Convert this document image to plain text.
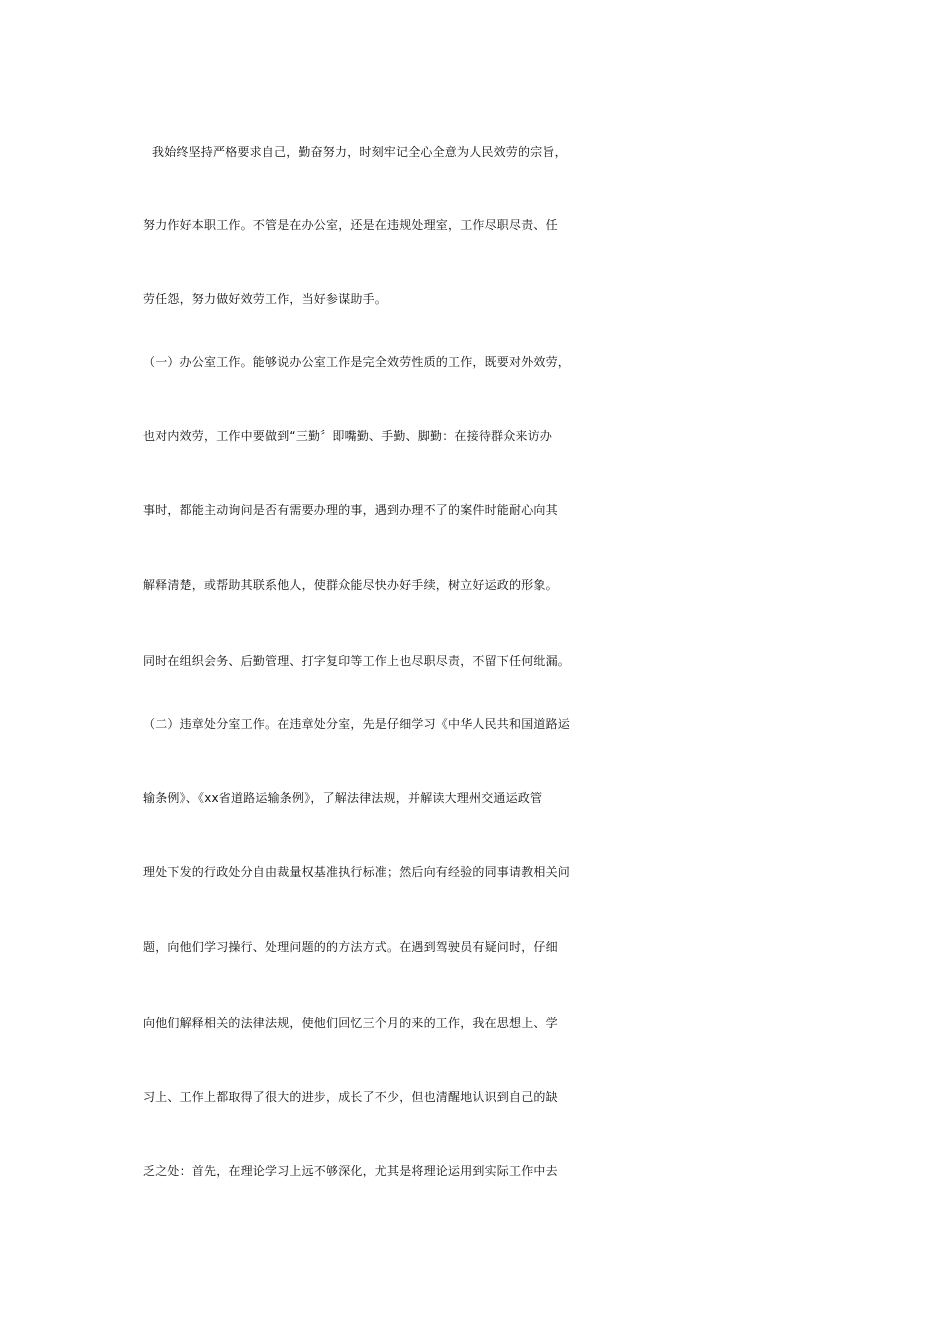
我始终坚持严格要求自己，勤奋努力，时刻牢记全心全意为人民效劳的宗旨，
努力作好本职工作。不管是在办公室，还是在违规处理室，工作尽职尽责、任
劳任怨，努力做好效劳工作，当好参谋助手。
（一）办公室工作。能够说办公室工作是完全效劳性质的工作，既要对外效劳，
也对内效劳，工作中要做到“三勤〞即嘴勤、手勤、脚勤：在接待群众来访办
事时，都能主动询问是否有需要办理的事，遇到办理不了的案件时能耐心向其
解释清楚，或帮助其联系他人，使群众能尽快办好手续，树立好运政的形象。
同时在组织会务、后勤管理、打字复印等工作上也尽职尽责，不留下任何纰漏。
（二）违章处分室工作。在违章处分室，先是仔细学习《中华人民共和国道路运
输条例》、《xx省道路运输条例》，了解法律法规，并解读大理州交通运政管
理处下发的行政处分自由裁量权基准执行标准；然后向有经验的同事请教相关问
题，向他们学习操行、处理问题的的方法方式。在遇到驾驶员有疑问时，仔细
向他们解释相关的法律法规，使他们回忆三个月的来的工作，我在思想上、学
习上、工作上都取得了很大的进步，成长了不少，但也清醒地认识到自己的缺
乏之处：首先，在理论学习上远不够深化，尤其是将理论运用到实际工作中去
